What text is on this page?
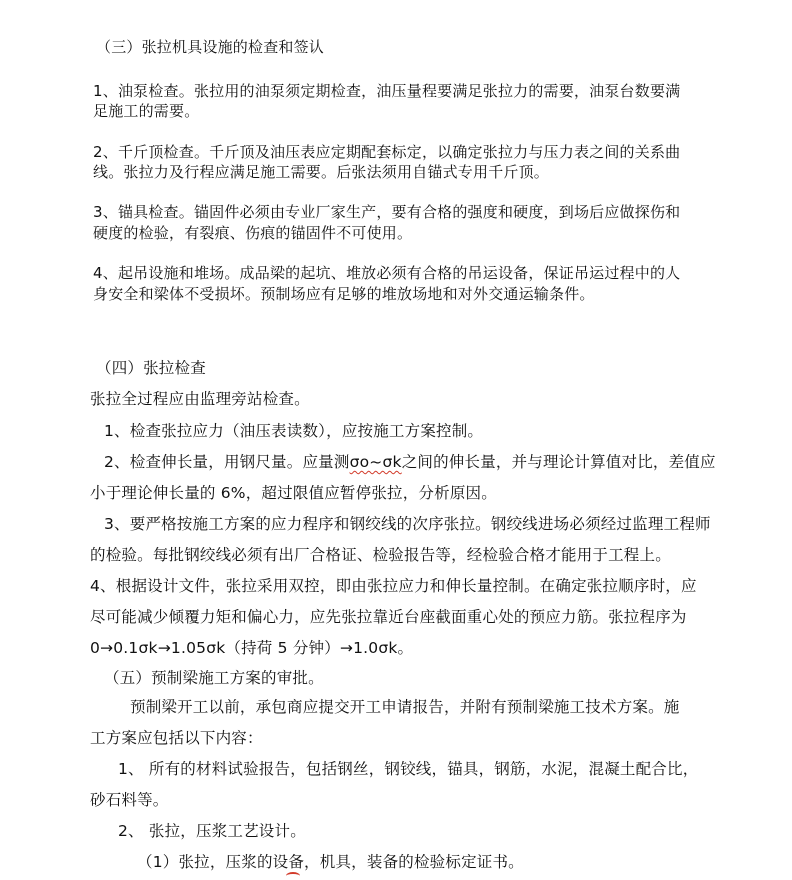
（三）张拉机具设施的检查和签认
1、油泵检查。张拉用的油泵须定期检查，油压量程要满足张拉力的需要，油泵台数要满
足施工的需要。
2、千斤顶检查。千斤顶及油压表应定期配套标定，以确定张拉力与压力表之间的关系曲
线。张拉力及行程应满足施工需要。后张法须用自锚式专用千斤顶。
3、锚具检查。锚固件必须由专业厂家生产，要有合格的强度和硬度，到场后应做探伤和
硬度的检验，有裂痕、伤痕的锚固件不可使用。
4、起吊设施和堆场。成品梁的起坑、堆放必须有合格的吊运设备，保证吊运过程中的人
身安全和梁体不受损坏。预制场应有足够的堆放场地和对外交通运输条件。
（四）张拉检查
张拉全过程应由监理旁站检查。
1、检查张拉应力（油压表读数），应按施工方案控制。
2、检查伸长量，用钢尺量。应量测σο~σk之间的伸长量，并与理论计算值对比，差值应
小于理论伸长量的 6%，超过限值应暂停张拉，分析原因。
3、要严格按施工方案的应力程序和钢绞线的次序张拉。钢绞线进场必须经过监理工程师
的检验。每批钢绞线必须有出厂合格证、检验报告等，经检验合格才能用于工程上。
4、根据设计文件，张拉采用双控，即由张拉应力和伸长量控制。在确定张拉顺序时，应
尽可能减少倾覆力矩和偏心力，应先张拉靠近台座截面重心处的预应力筋。张拉程序为
0→0.1σk→1.05σk（持荷 5 分钟）→1.0σk。
（五）预制梁施工方案的审批。
预制梁开工以前，承包商应提交开工申请报告，并附有预制梁施工技术方案。施
工方案应包括以下内容：
1、 所有的材料试验报告，包括钢丝，钢铰线，锚具，钢筋，水泥，混凝土配合比，
砂石料等。
2、 张拉，压浆工艺设计。
（1）张拉，压浆的设备，机具，装备的检验标定证书。
